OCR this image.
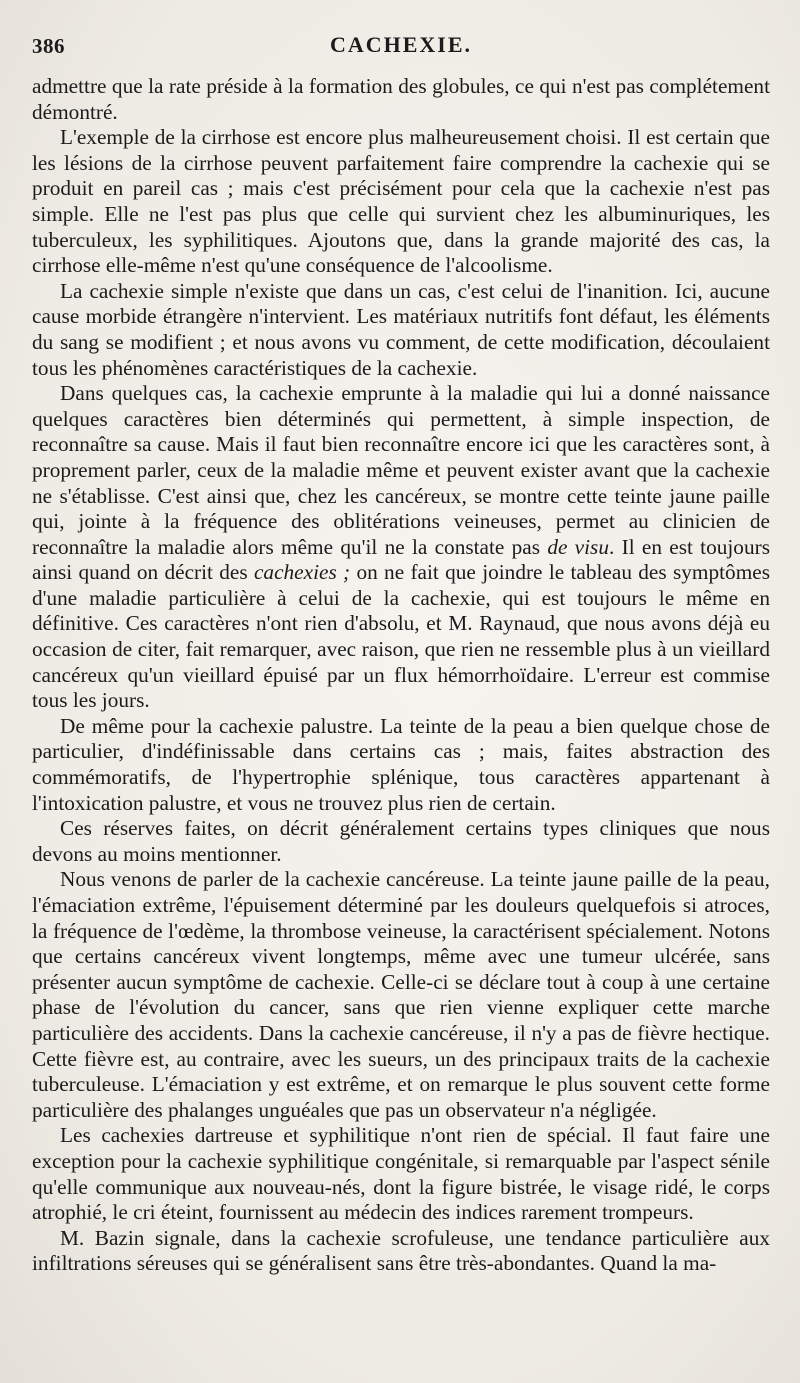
386	CACHEXIE.

admettre que la rate préside à la formation des globules, ce qui n'est pas complétement démontré.

L'exemple de la cirrhose est encore plus malheureusement choisi. Il est certain que les lésions de la cirrhose peuvent parfaitement faire comprendre la cachexie qui se produit en pareil cas ; mais c'est précisément pour cela que la cachexie n'est pas simple. Elle ne l'est pas plus que celle qui survient chez les albuminuriques, les tuberculeux, les syphilitiques. Ajoutons que, dans la grande majorité des cas, la cirrhose elle-même n'est qu'une conséquence de l'alcoolisme.

La cachexie simple n'existe que dans un cas, c'est celui de l'inanition. Ici, aucune cause morbide étrangère n'intervient. Les matériaux nutritifs font défaut, les éléments du sang se modifient ; et nous avons vu comment, de cette modification, découlaient tous les phénomènes caractéristiques de la cachexie.

Dans quelques cas, la cachexie emprunte à la maladie qui lui a donné naissance quelques caractères bien déterminés qui permettent, à simple inspection, de reconnaître sa cause. Mais il faut bien reconnaître encore ici que les caractères sont, à proprement parler, ceux de la maladie même et peuvent exister avant que la cachexie ne s'établisse. C'est ainsi que, chez les cancéreux, se montre cette teinte jaune paille qui, jointe à la fréquence des oblitérations veineuses, permet au clinicien de reconnaître la maladie alors même qu'il ne la constate pas de visu. Il en est toujours ainsi quand on décrit des cachexies ; on ne fait que joindre le tableau des symptômes d'une maladie particulière à celui de la cachexie, qui est toujours le même en définitive. Ces caractères n'ont rien d'absolu, et M. Raynaud, que nous avons déjà eu occasion de citer, fait remarquer, avec raison, que rien ne ressemble plus à un vieillard cancéreux qu'un vieillard épuisé par un flux hémorrhoïdaire. L'erreur est commise tous les jours.

De même pour la cachexie palustre. La teinte de la peau a bien quelque chose de particulier, d'indéfinissable dans certains cas ; mais, faites abstraction des commémoratifs, de l'hypertrophie splénique, tous caractères appartenant à l'intoxication palustre, et vous ne trouvez plus rien de certain.

Ces réserves faites, on décrit généralement certains types cliniques que nous devons au moins mentionner.

Nous venons de parler de la cachexie cancéreuse. La teinte jaune paille de la peau, l'émaciation extrême, l'épuisement déterminé par les douleurs quelquefois si atroces, la fréquence de l'œdème, la thrombose veineuse, la caractérisent spécialement. Notons que certains cancéreux vivent longtemps, même avec une tumeur ulcérée, sans présenter aucun symptôme de cachexie. Celle-ci se déclare tout à coup à une certaine phase de l'évolution du cancer, sans que rien vienne expliquer cette marche particulière des accidents. Dans la cachexie cancéreuse, il n'y a pas de fièvre hectique. Cette fièvre est, au contraire, avec les sueurs, un des principaux traits de la cachexie tuberculeuse. L'émaciation y est extrême, et on remarque le plus souvent cette forme particulière des phalanges unguéales que pas un observateur n'a négligée.

Les cachexies dartreuse et syphilitique n'ont rien de spécial. Il faut faire une exception pour la cachexie syphilitique congénitale, si remarquable par l'aspect sénile qu'elle communique aux nouveau-nés, dont la figure bistrée, le visage ridé, le corps atrophié, le cri éteint, fournissent au médecin des indices rarement trompeurs.

M. Bazin signale, dans la cachexie scrofuleuse, une tendance particulière aux infiltrations séreuses qui se généralisent sans être très-abondantes. Quand la ma-
